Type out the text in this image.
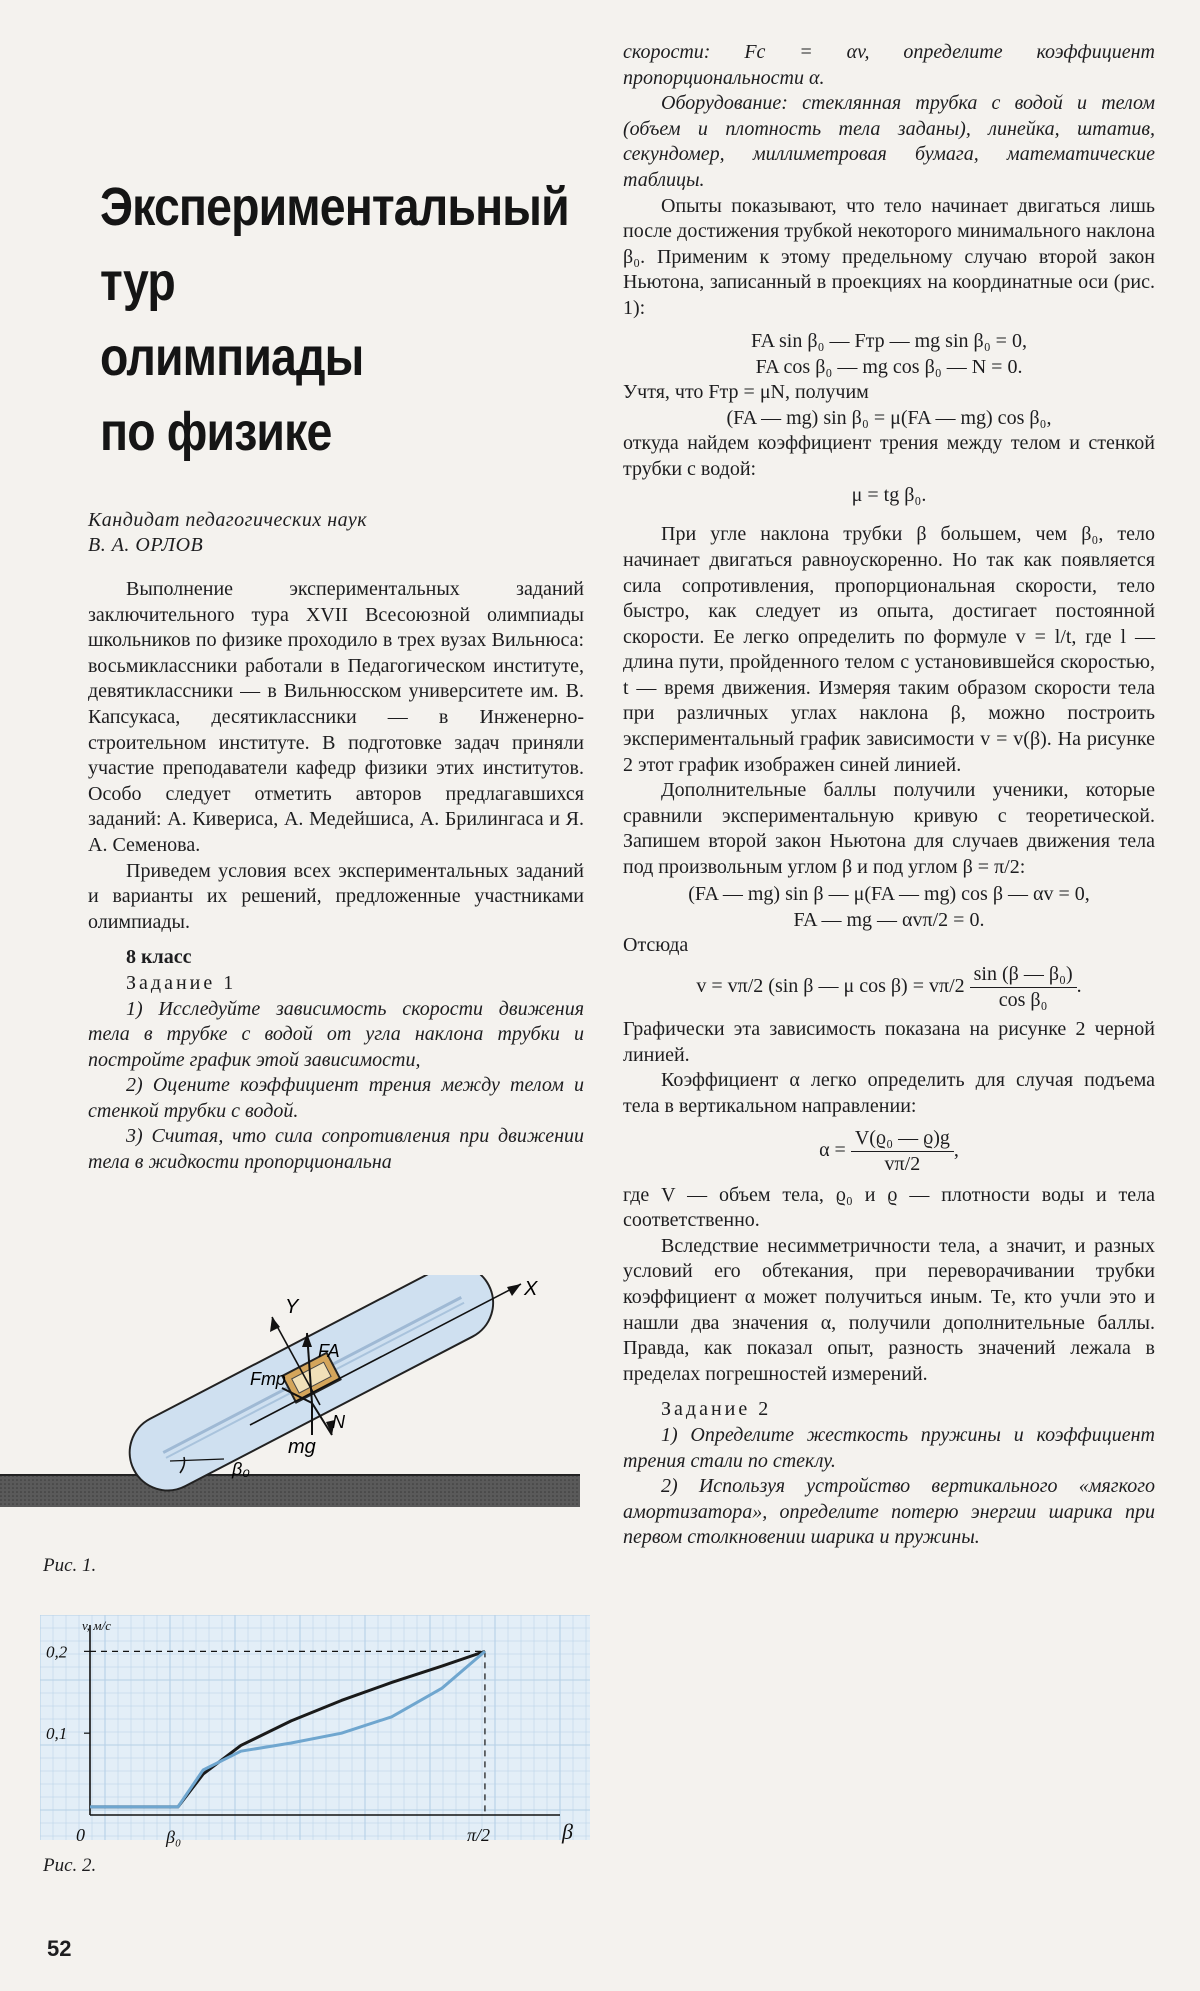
Экспериментальный
тур
олимпиады
по физике
Кандидат педагогических наук
В. А. ОРЛОВ

Выполнение экспериментальных заданий заключительного тура XVII Всесоюзной олимпиады школьников по физике проходило в трех вузах Вильнюса: восьмиклассники работали в Педагогическом институте, девятиклассники — в Вильнюсском университете им. В. Капсукаса, десятиклассники — в Инженерно-строительном институте. В подготовке задач приняли участие преподаватели кафедр физики этих институтов. Особо следует отметить авторов предлагавшихся заданий: А. Кивериса, А. Медейшиса, А. Брилингаса и Я. А. Семенова.

Приведем условия всех экспериментальных заданий и варианты их решений, предложенные участниками олимпиады.

8 класс

Задание 1

1) Исследуйте зависимость скорости движения тела в трубке с водой от угла наклона трубки и постройте график этой зависимости,

2) Оцените коэффициент трения между телом и стенкой трубки с водой.

3) Считая, что сила сопротивления при движении тела в жидкости пропорциональна

Y
X
FA
Fтр
N
mg
β₀
Рис. 1.
0,2
0,1
v, м/с
0	β₀	π/2	β
Рис. 2.
52

скорости: Fc = αv, определите коэффициент пропорциональности α.

Оборудование: стеклянная трубка с водой и телом (объем и плотность тела заданы), линейка, штатив, секундомер, миллиметровая бумага, математические таблицы.

Опыты показывают, что тело начинает двигаться лишь после достижения трубкой некоторого минимального наклона β₀. Применим к этому предельному случаю второй закон Ньютона, записанный в проекциях на координатные оси (рис. 1):

FA sin β₀ — Fтр — mg sin β₀ = 0,

FA cos β₀ — mg cos β₀ — N = 0.

Учтя, что Fтр = μN, получим

(FA — mg) sin β₀ = μ(FA — mg) cos β₀,

откуда найдем коэффициент трения между телом и стенкой трубки с водой:

μ = tg β₀.

При угле наклона трубки β большем, чем β₀, тело начинает двигаться равноускоренно. Но так как появляется сила сопротивления, пропорциональная скорости, тело быстро, как следует из опыта, достигает постоянной скорости. Ее легко определить по формуле v = l/t, где l — длина пути, пройденного телом с установившейся скоростью, t — время движения. Измеряя таким образом скорости тела при различных углах наклона β, можно построить экспериментальный график зависимости v = v(β). На рисунке 2 этот график изображен синей линией.

Дополнительные баллы получили ученики, которые сравнили экспериментальную кривую с теоретической. Запишем второй закон Ньютона для случаев движения тела под произвольным углом β и под углом β = π/2:

(FA — mg) sin β — μ(FA — mg) cos β — αv = 0,

FA — mg — αvπ/2 = 0.

Отсюда

v = vπ/2 (sin β — μ $\cos \beta) = v\pi/2 \frac{\text{sin (β — β₀)}}{\text{cos β₀}}$ .

Графически эта зависимость показана на рисунке 2 черной линией.

Коэффициент α легко определить для случая подъема тела в вертикальном направлении:

$\alpha = \frac{\text{V(ϱ₀ — ϱ)g}}{v\pi/2}$ ,

где V — объем тела, ϱ₀ и ϱ — плотности воды и тела соответственно.

Вследствие несимметричности тела, а значит, и разных условий его обтекания, при переворачивании трубки коэффициент α может получиться иным. Те, кто учли это и нашли два значения α, получили дополнительные баллы. Правда, как показал опыт, разность значений лежала в пределах погрешностей измерений.

Задание 2

1) Определите жесткость пружины и коэффициент трения стали по стеклу.

2) Используя устройство вертикального «мягкого амортизатора», определите потерю энергии шарика при первом столкновении шарика и пружины.
